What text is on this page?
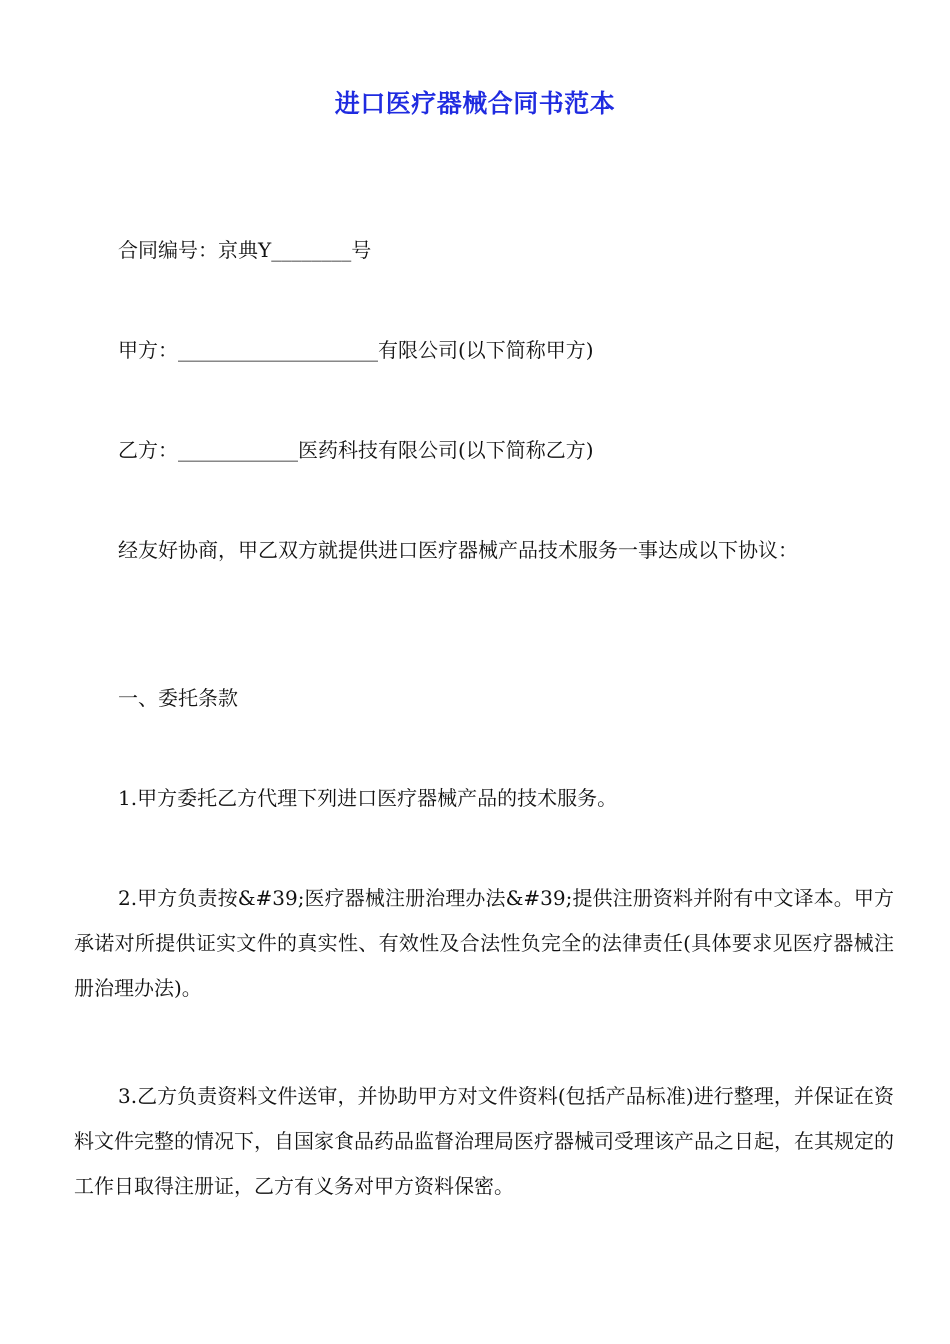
进口医疗器械合同书范本

合同编号：京典Y________号

甲方：____________________有限公司(以下简称甲方)

乙方：____________医药科技有限公司(以下简称乙方)

经友好协商，甲乙双方就提供进口医疗器械产品技术服务一事达成以下协议：

一、委托条款

1.甲方委托乙方代理下列进口医疗器械产品的技术服务。

2.甲方负责按&#39;医疗器械注册治理办法&#39;提供注册资料并附有中文译本。甲方承诺对所提供证实文件的真实性、有效性及合法性负完全的法律责任(具体要求见医疗器械注册治理办法)。

3.乙方负责资料文件送审，并协助甲方对文件资料(包括产品标准)进行整理，并保证在资料文件完整的情况下，自国家食品药品监督治理局医疗器械司受理该产品之日起，在其规定的工作日取得注册证，乙方有义务对甲方资料保密。
